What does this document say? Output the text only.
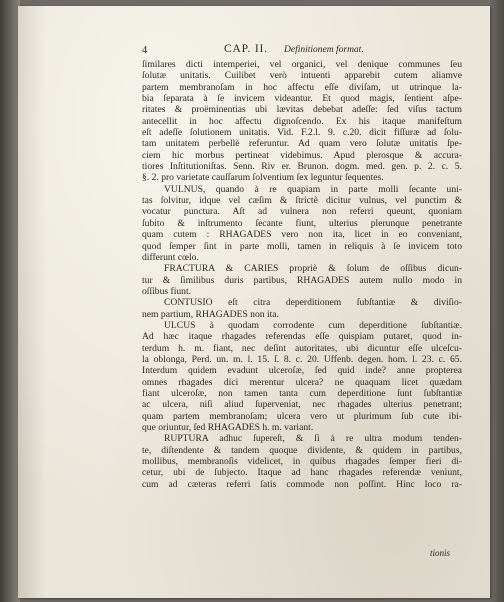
4	CAP. II. Definitionem format.
ſimilares dicti intemperiei, vel organici, vel denique communes ſeu
ſolutæ unitatis. Cuilibet verò intuenti apparebit cutem aliamve
partem membranoſam in hoc affectu eſſe diviſam, ut utrinque la-
bia ſeparata à ſe invicem videantur. Et quod magis, ſentient aſpe-
ritates & proëminentias ubi lævitas debebat adeſſe: ſed viſus tactum
antecellit in hoc affectu dignoſcendo. Ex his itaque manifeſtum
eſt adeſſe ſolutionem unitatis. Vid. F.2.l. 9. c.20. dicit fiſſuræ ad ſolu-
tam unitatem perbellè referuntur. Ad quam vero ſolutæ unitatis ſpe-
ciem hic morbus pertineat videbimus. Apud plerosque & accura-
tiores Inſtitutioniſtas. Senn. Riv er. Brunon. dogm. med. gen. p. 2. c. 5.
§. 2. pro varietate cauſſarum ſolventium ſex leguntur ſequentes.
VULNUS, quando à re quapiam in parte molli ſecante uni-
tas ſolvitur, idque vel cæſim & ſtrictè dicitur vulnus, vel punctim &
vocatur punctura. Aſt ad vulnera non referri queunt, quoniam
ſubito & inſtrumento ſecante fiunt, ulterius plerunque penetrante
quam cutem : RHAGADES vero non ita, licet in eo conveniant,
quod ſemper ſint in parte molli, tamen in reliquis à ſe invicem toto
differunt cœlo.
FRACTURA & CARIES propriè & ſolum de oſſibus dicun-
tur & ſimilibus duris partibus, RHAGADES autem nullo modo in
oſſibus fiunt.
CONTUSIO eſt citra deperditionem ſubſtantiæ & diviſio-
nem partium, RHAGADES non ita.
ULCUS à quodam corrodente cum deperditione ſubſtantiæ.
Ad hæc itaque rhagades referendas eſſe quispiam putaret, quod in-
terdum h. m. fiant, nec deſint autoritates, ubi dicuntur eſſe ulceſcu-
la oblonga, Perd. un. m. l. 15. ſ. 8. c. 20. Uffenb. degen. hom. l. 23. c. 65.
Interdum quidem evadunt ulceroſæ, ſed quid inde? anne propterea
omnes rhagades dici merentur ulcera? ne quaquam licet quædam
fiant ulceroſæ, non tamen tanta cum deperditione ſunt ſubſtantiæ
ac ulcera, niſi aliud ſuperveniat, nec rhagades ulterius penetrant;
quam partem membranoſam; ulcera vero ut plurimum ſub cute ibi-
que oriuntur, ſed RHAGADES h. m. variant.
RUPTURA adhuc ſupereſt, & ſi à re ultra modum tenden-
te, diſtendente & tandem quoque dividente, & quidem in partibus,
mollibus, membranoſis videlicet, in quibus rhagades ſemper fieri di-
cetur, ubi de ſubjecto. Itaque ad hanc rhagades referendæ veniunt,
cum ad cæteras referri ſatis commode non poſſint. Hinc loco ra-
tionis
